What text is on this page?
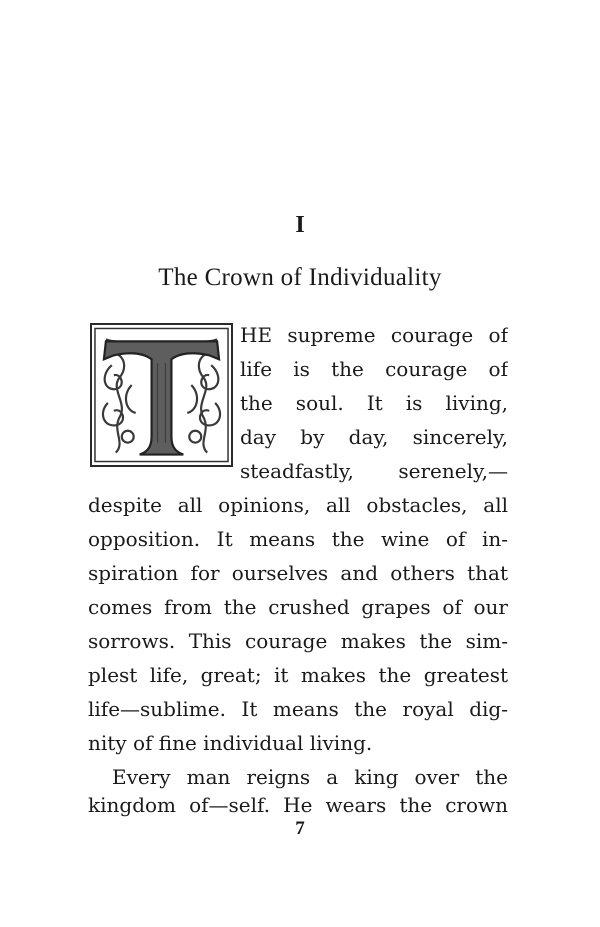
I
The Crown of Individuality
HE supreme courage of
life is the courage of
the soul. It is living,
day by day, sincerely,
steadfastly, serenely,—
despite all opinions, all obstacles, all
opposition. It means the wine of in-
spiration for ourselves and others that
comes from the crushed grapes of our
sorrows. This courage makes the sim-
plest life, great; it makes the greatest
life—sublime. It means the royal dig-
nity of fine individual living.
Every man reigns a king over the
kingdom of—self. He wears the crown
7
